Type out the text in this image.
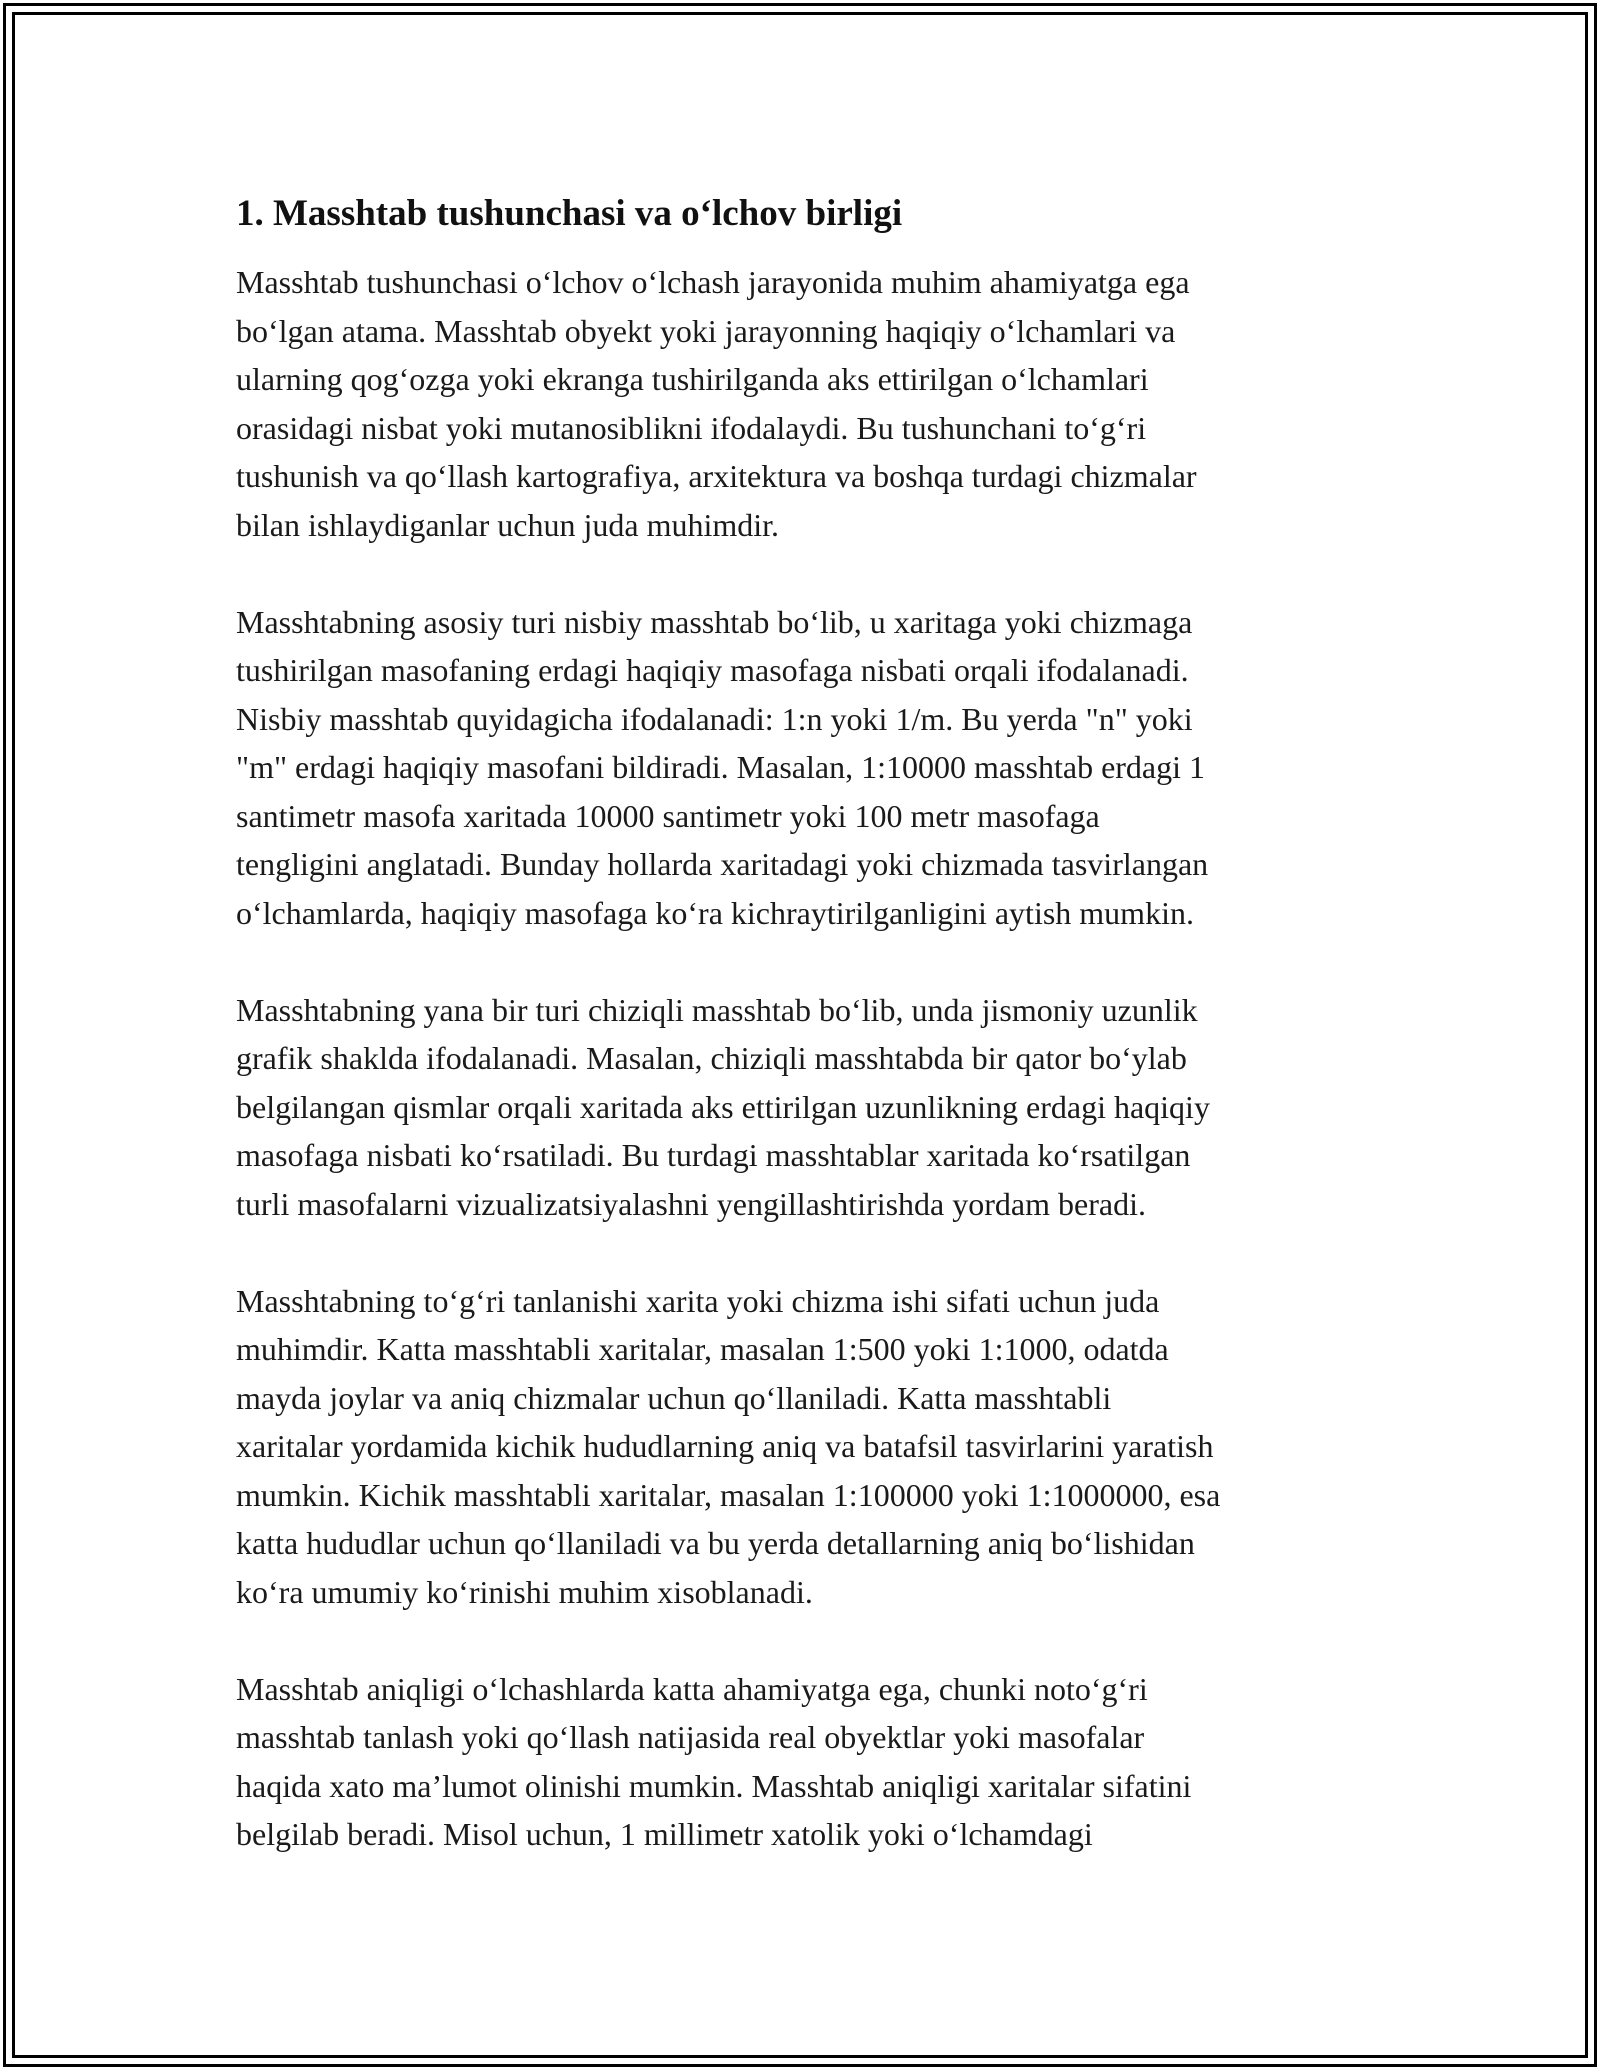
1. Masshtab tushunchasi va o‘lchov birligi

Masshtab tushunchasi o‘lchov o‘lchash jarayonida muhim ahamiyatga ega
bo‘lgan atama. Masshtab obyekt yoki jarayonning haqiqiy o‘lchamlari va
ularning qog‘ozga yoki ekranga tushirilganda aks ettirilgan o‘lchamlari
orasidagi nisbat yoki mutanosiblikni ifodalaydi. Bu tushunchani to‘g‘ri
tushunish va qo‘llash kartografiya, arxitektura va boshqa turdagi chizmalar
bilan ishlaydiganlar uchun juda muhimdir.

Masshtabning asosiy turi nisbiy masshtab bo‘lib, u xaritaga yoki chizmaga
tushirilgan masofaning erdagi haqiqiy masofaga nisbati orqali ifodalanadi.
Nisbiy masshtab quyidagicha ifodalanadi: 1:n yoki 1/m. Bu yerda "n" yoki
"m" erdagi haqiqiy masofani bildiradi. Masalan, 1:10000 masshtab erdagi 1
santimetr masofa xaritada 10000 santimetr yoki 100 metr masofaga
tengligini anglatadi. Bunday hollarda xaritadagi yoki chizmada tasvirlangan
o‘lchamlarda, haqiqiy masofaga ko‘ra kichraytirilganligini aytish mumkin.

Masshtabning yana bir turi chiziqli masshtab bo‘lib, unda jismoniy uzunlik
grafik shaklda ifodalanadi. Masalan, chiziqli masshtabda bir qator bo‘ylab
belgilangan qismlar orqali xaritada aks ettirilgan uzunlikning erdagi haqiqiy
masofaga nisbati ko‘rsatiladi. Bu turdagi masshtablar xaritada ko‘rsatilgan
turli masofalarni vizualizatsiyalashni yengillashtirishda yordam beradi.

Masshtabning to‘g‘ri tanlanishi xarita yoki chizma ishi sifati uchun juda
muhimdir. Katta masshtabli xaritalar, masalan 1:500 yoki 1:1000, odatda
mayda joylar va aniq chizmalar uchun qo‘llaniladi. Katta masshtabli
xaritalar yordamida kichik hududlarning aniq va batafsil tasvirlarini yaratish
mumkin. Kichik masshtabli xaritalar, masalan 1:100000 yoki 1:1000000, esa
katta hududlar uchun qo‘llaniladi va bu yerda detallarning aniq bo‘lishidan
ko‘ra umumiy ko‘rinishi muhim xisoblanadi.

Masshtab aniqligi o‘lchashlarda katta ahamiyatga ega, chunki noto‘g‘ri
masshtab tanlash yoki qo‘llash natijasida real obyektlar yoki masofalar
haqida xato ma’lumot olinishi mumkin. Masshtab aniqligi xaritalar sifatini
belgilab beradi. Misol uchun, 1 millimetr xatolik yoki o‘lchamdagi
